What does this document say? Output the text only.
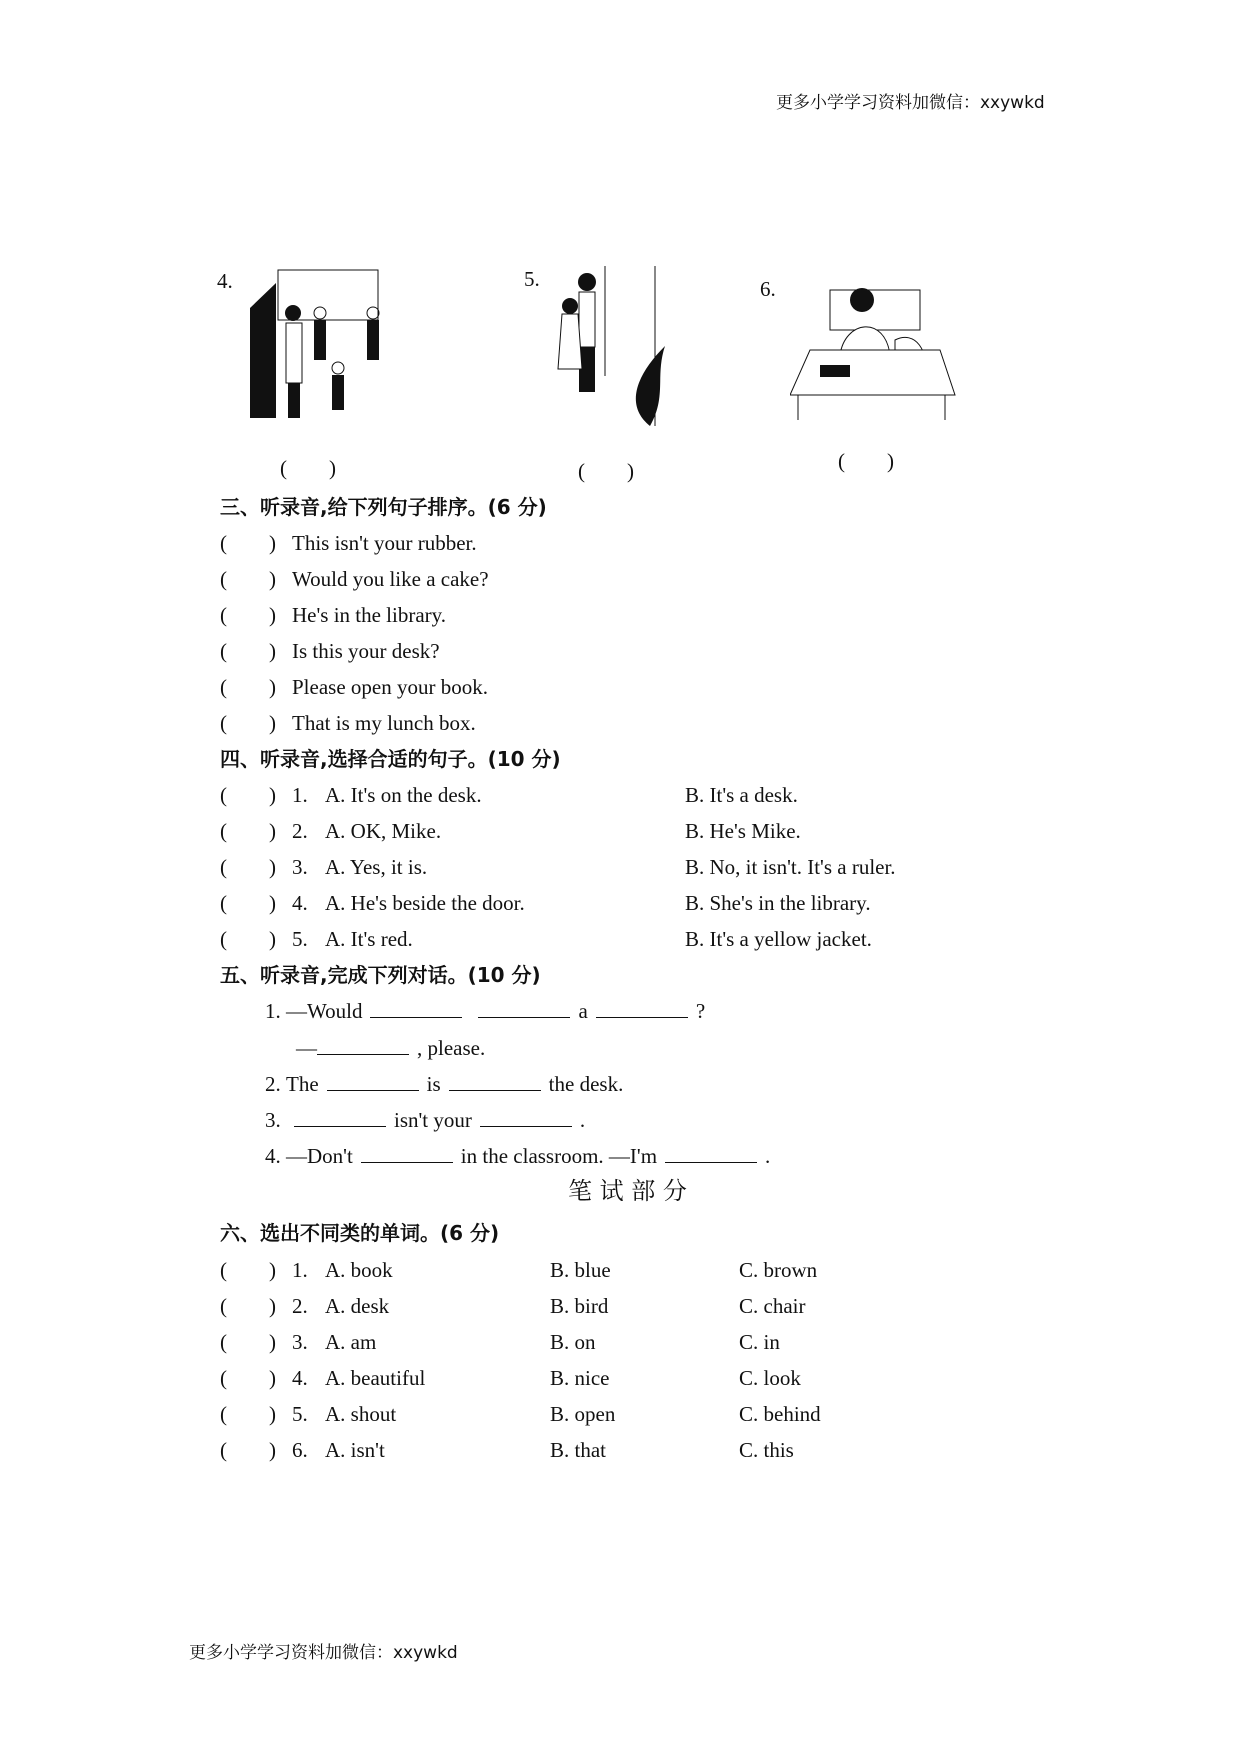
更多小学学习资料加微信：xxywkd
4.
(　　)
5.
(　　)
6.
(　　)
三、听录音,给下列句子排序。(6 分)
(　　) This isn't your rubber.
(　　) Would you like a cake?
(　　) He's in the library.
(　　) Is this your desk?
(　　) Please open your book.
(　　) That is my lunch box.
四、听录音,选择合适的句子。(10 分)
(　　) 1. A. It's on the desk.	B. It's a desk.
(　　) 2. A. OK, Mike.	B. He's Mike.
(　　) 3. A. Yes, it is.	B. No, it isn't. It's a ruler.
(　　) 4. A. He's beside the door.	B. She's in the library.
(　　) 5. A. It's red.	B. It's a yellow jacket.
五、听录音,完成下列对话。(10 分)
1. —Would	a	?
—	, please.
2. The	is	the desk.
3.	isn't your	.
4. —Don't	in the classroom. —I'm	.
笔 试 部 分
六、选出不同类的单词。(6 分)
(　　) 1. A. book	B. blue	C. brown
(　　) 2. A. desk	B. bird	C. chair
(　　) 3. A. am	B. on	C. in
(　　) 4. A. beautiful	B. nice	C. look
(　　) 5. A. shout	B. open	C. behind
(　　) 6. A. isn't	B. that	C. this
更多小学学习资料加微信：xxywkd
